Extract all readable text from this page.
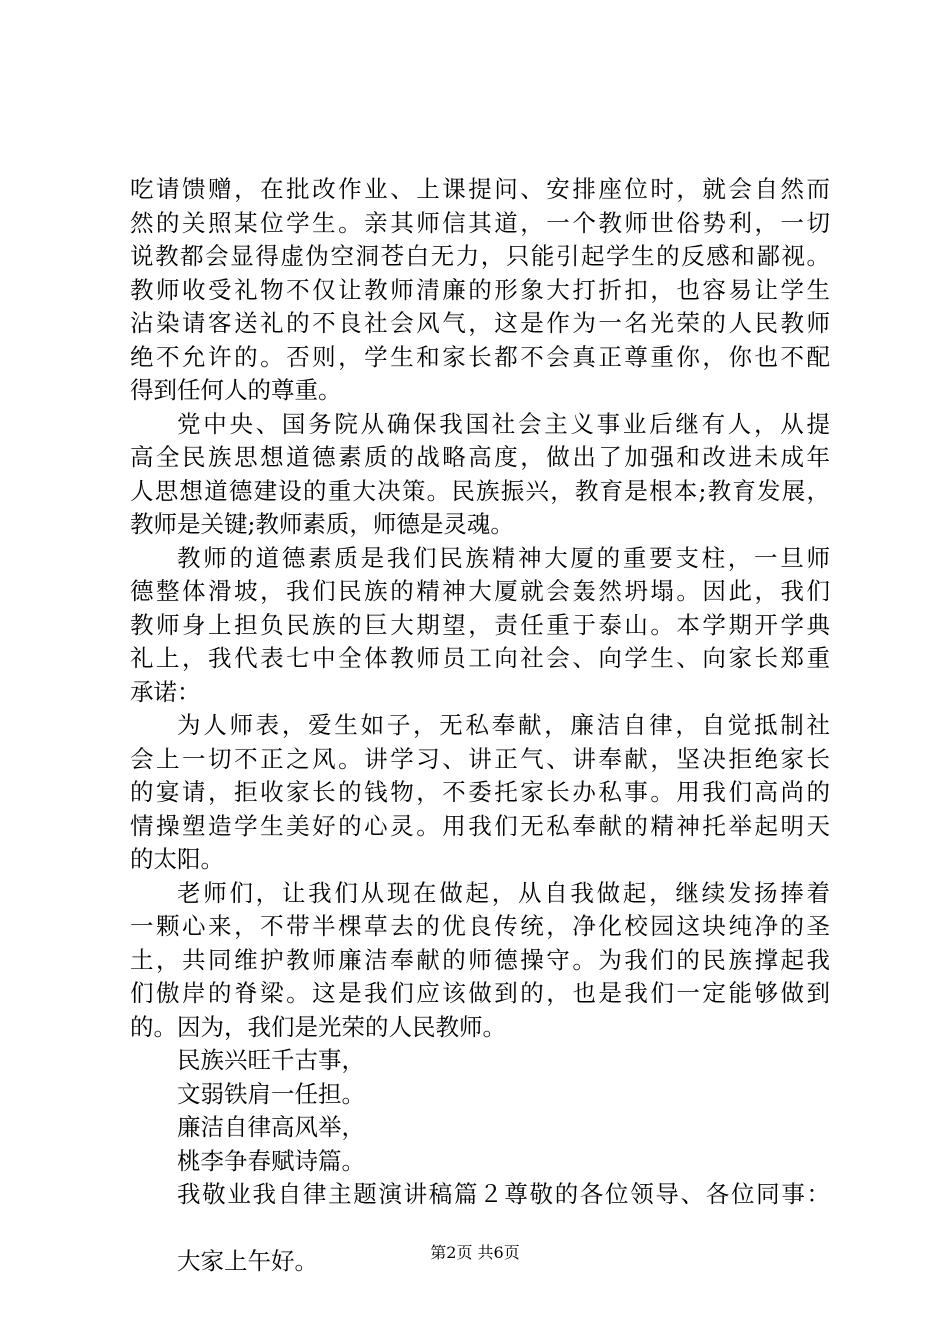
吃请馈赠，在批改作业、上课提问、安排座位时，就会自然而
然的关照某位学生。亲其师信其道，一个教师世俗势利，一切
说教都会显得虚伪空洞苍白无力，只能引起学生的反感和鄙视。
教师收受礼物不仅让教师清廉的形象大打折扣，也容易让学生
沾染请客送礼的不良社会风气，这是作为一名光荣的人民教师
绝不允许的。否则，学生和家长都不会真正尊重你，你也不配
得到任何人的尊重。
党中央、国务院从确保我国社会主义事业后继有人，从提
高全民族思想道德素质的战略高度，做出了加强和改进未成年
人思想道德建设的重大决策。民族振兴，教育是根本;教育发展，
教师是关键;教师素质，师德是灵魂。
教师的道德素质是我们民族精神大厦的重要支柱，一旦师
德整体滑坡，我们民族的精神大厦就会轰然坍塌。因此，我们
教师身上担负民族的巨大期望，责任重于泰山。本学期开学典
礼上，我代表七中全体教师员工向社会、向学生、向家长郑重
承诺：
为人师表，爱生如子，无私奉献，廉洁自律，自觉抵制社
会上一切不正之风。讲学习、讲正气、讲奉献，坚决拒绝家长
的宴请，拒收家长的钱物，不委托家长办私事。用我们高尚的
情操塑造学生美好的心灵。用我们无私奉献的精神托举起明天
的太阳。
老师们，让我们从现在做起，从自我做起，继续发扬捧着
一颗心来，不带半棵草去的优良传统，净化校园这块纯净的圣
土，共同维护教师廉洁奉献的师德操守。为我们的民族撑起我
们傲岸的脊梁。这是我们应该做到的，也是我们一定能够做到
的。因为，我们是光荣的人民教师。
民族兴旺千古事，
文弱铁肩一任担。
廉洁自律高风举，
桃李争春赋诗篇。
我敬业我自律主题演讲稿篇２尊敬的各位领导、各位同事：
大家上午好。	第2页 共6页
